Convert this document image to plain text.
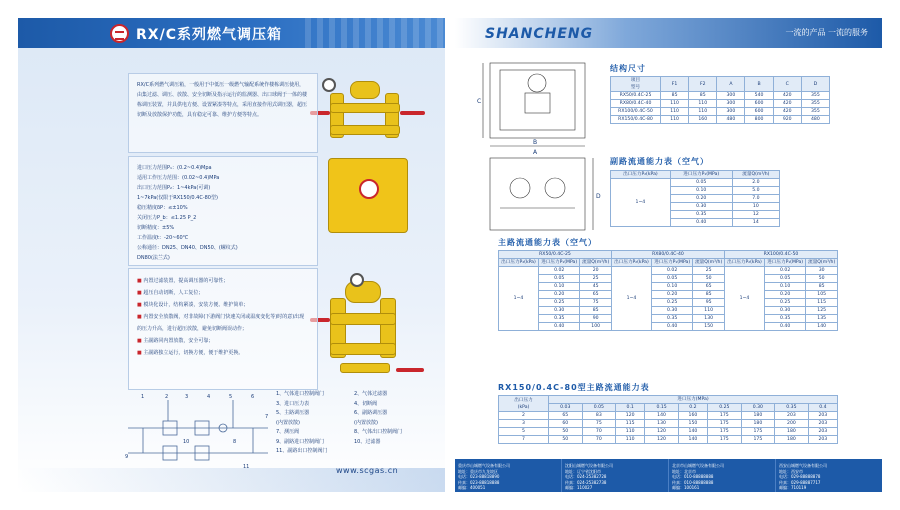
RX/C系列燃气调压箱

RX/C系列燃气调压箱，一般用于中低压一级燃气输配系统作楼栋调压使用，由集过滤、调压、放散、安全切断及指示运行的监测器、出口球阀于一体的楼栋调压装置，并具供电方便、设置紧凑等特点，采用直接作用式调压器，超压切断及放散保护功能，具有稳定可靠、维护方便等特点。

进口压力范围P₁：(0.2~0.4)Mpa

适用工作压力范围：(0.02~0.4)MPa

出口压力范围P₂：1~4kPa(可调)

1~7kPa(仅限于RX150/0.4C-80型)

稳压精度δP：≤±10%

关闭压力P_b：≤1.25 P_2

切断精度：±5%

工作温度t：-20~60℃

公称通径：DN25、DN40、DN50、(螺纹式)

DN80(法兰式)

■ 内置过滤装置，提高调压器的可靠性；
■ 超压自动切断，人工复位；
■ 模块化设计，结构紧凑，安装方便、维护简单；
■ 内置安全放散阀，对非故障(下游阀门快速关闭或温度变化等)时的意)出现的压力升高，进行超压放散，避免切断阀误动作；
■ 主副路同内置放散，安全可靠；
■ 主副路独立运行，切换方便，便于维护更换。
1	2	3	4	5	6
7
8
9
10
11
1、气体进口控制阀门	2、气体过滤器
3、进口压力表	4、切断阀
5、主路调压器	6、副路调压器
(内置放散)	(内置放散)
7、测压阀	8、气体出口控制阀门
9、副路进口控制阀门	10、过滤器
11、副路出口控制阀门
www.scgas.cn
SHANCHENG	一流的产品 一流的服务
C
D
B
A
结构尺寸
项目
型号	F1	F2	A	B	C	D
RX50/0.4C-25	85	85	300	540	420	355
RX80/0.4C-40	110	110	300	600	420	355
RX100/0.4C-50	110	110	300	600	420	355
RX150/0.4C-80	110	160	480	800	920	480
副路流通能力表（空气）
出口压力P₂(kPa)	进口压力P₁(MPa)	流量Q(m³/h)
1~4	0.05	2.0
	0.10	5.0
	0.20	7.0
	0.30	10
	0.35	12
	0.40	14
主路流通能力表（空气）
RX50/0.4C-25			RX80/0.4C-40			RX100/0.4C-50		
出口压力P₂(kPa)	进口压力P₁(MPa)	流量Q(m³/h)	出口压力P₂(kPa)	进口压力P₁(MPa)	流量Q(m³/h)	出口压力P₂(kPa)	进口压力P₁(MPa)	流量Q(m³/h)
1~4	0.02	20	1~4	0.02	25	1~4	0.02	30
	0.05	25		0.05	50		0.05	50
	0.10	45		0.10	65		0.10	85
	0.20	65		0.20	85		0.20	105
	0.25	75		0.25	95		0.25	115
	0.30	85		0.30	110		0.30	125
	0.35	90		0.35	130		0.35	135
	0.40	100		0.40	150		0.40	140
RX150/0.4C-80型主路流通能力表
出口压力
(kPa)	进口压力(MPa)								
	0.03	0.05	0.1	0.15	0.2	0.25	0.30	0.35	0.4
2	65	83	120	140	160	175	180	203	203
3	60	75	115	130	150	175	180	200	203
5	50	70	110	120	140	175	175	180	203
7	50	70	110	120	140	175	175	180	203
重庆市山城燃气设备有限公司
地址：重庆市九龙坡区
电话：023-88818890
传真：023-88818888
邮编：400051
沈阳山城燃气设备有限公司
地址：辽宁省沈阳市
电话：024-25382728
传真：024-25382738
邮编：110027
北京市山城燃气设备有限公司
地址：北京市
电话：010-88888888
传真：010-88888888
邮编：100161
西安山城燃气设备有限公司
地址：西安市
电话：029-88888878
传真：029-88887717
邮编：710119
